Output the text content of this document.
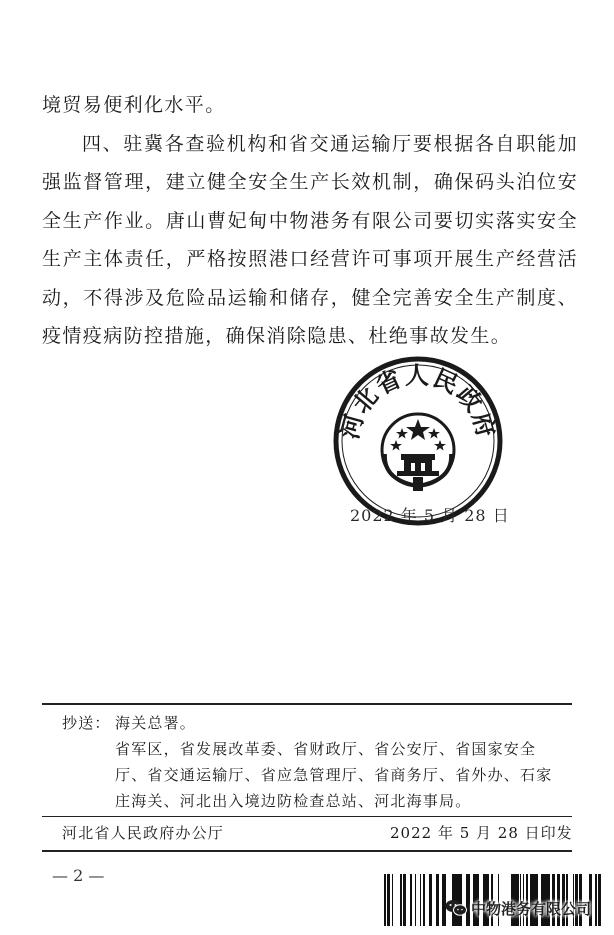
境贸易便利化水平。

四、驻冀各查验机构和省交通运输厅要根据各自职能加强监督管理，建立健全安全生产长效机制，确保码头泊位安全生产作业。唐山曹妃甸中物港务有限公司要切实落实安全生产主体责任，严格按照港口经营许可事项开展生产经营活动，不得涉及危险品运输和储存，健全完善安全生产制度、疫情疫病防控措施，确保消除隐患、杜绝事故发生。

河北省人民政府
2022 年 5 月 28 日
抄送： 海关总署。
省军区，省发展改革委、省财政厅、省公安厅、省国家安全厅、省交通运输厅、省应急管理厅、省商务厅、省外办、石家庄海关、河北出入境边防检查总站、河北海事局。
河北省人民政府办公厅	2022 年 5 月 28 日印发
— 2 —
中物港务有限公司
